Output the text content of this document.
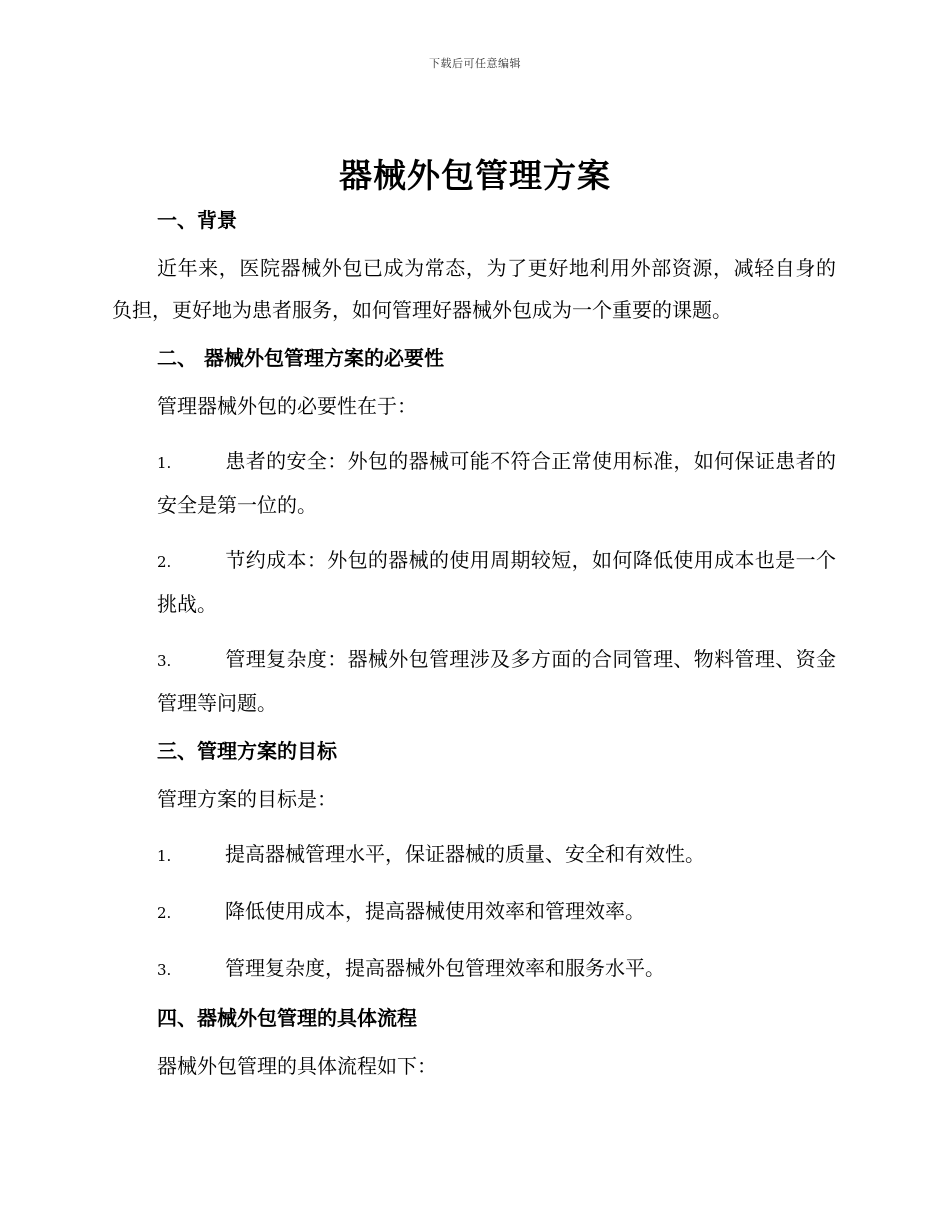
下载后可任意编辑
器械外包管理方案
一、背景

近年来，医院器械外包已成为常态，为了更好地利用外部资源，减轻自身的负担，更好地为患者服务，如何管理好器械外包成为一个重要的课题。

二、 器械外包管理方案的必要性

管理器械外包的必要性在于：

1.	患者的安全：外包的器械可能不符合正常使用标准，如何保证患者的安全是第一位的。

2.	节约成本：外包的器械的使用周期较短，如何降低使用成本也是一个挑战。

3.	管理复杂度：器械外包管理涉及多方面的合同管理、物料管理、资金管理等问题。

三、管理方案的目标

管理方案的目标是：

1.	提高器械管理水平，保证器械的质量、安全和有效性。

2.	降低使用成本，提高器械使用效率和管理效率。

3.	管理复杂度，提高器械外包管理效率和服务水平。

四、器械外包管理的具体流程

器械外包管理的具体流程如下：
